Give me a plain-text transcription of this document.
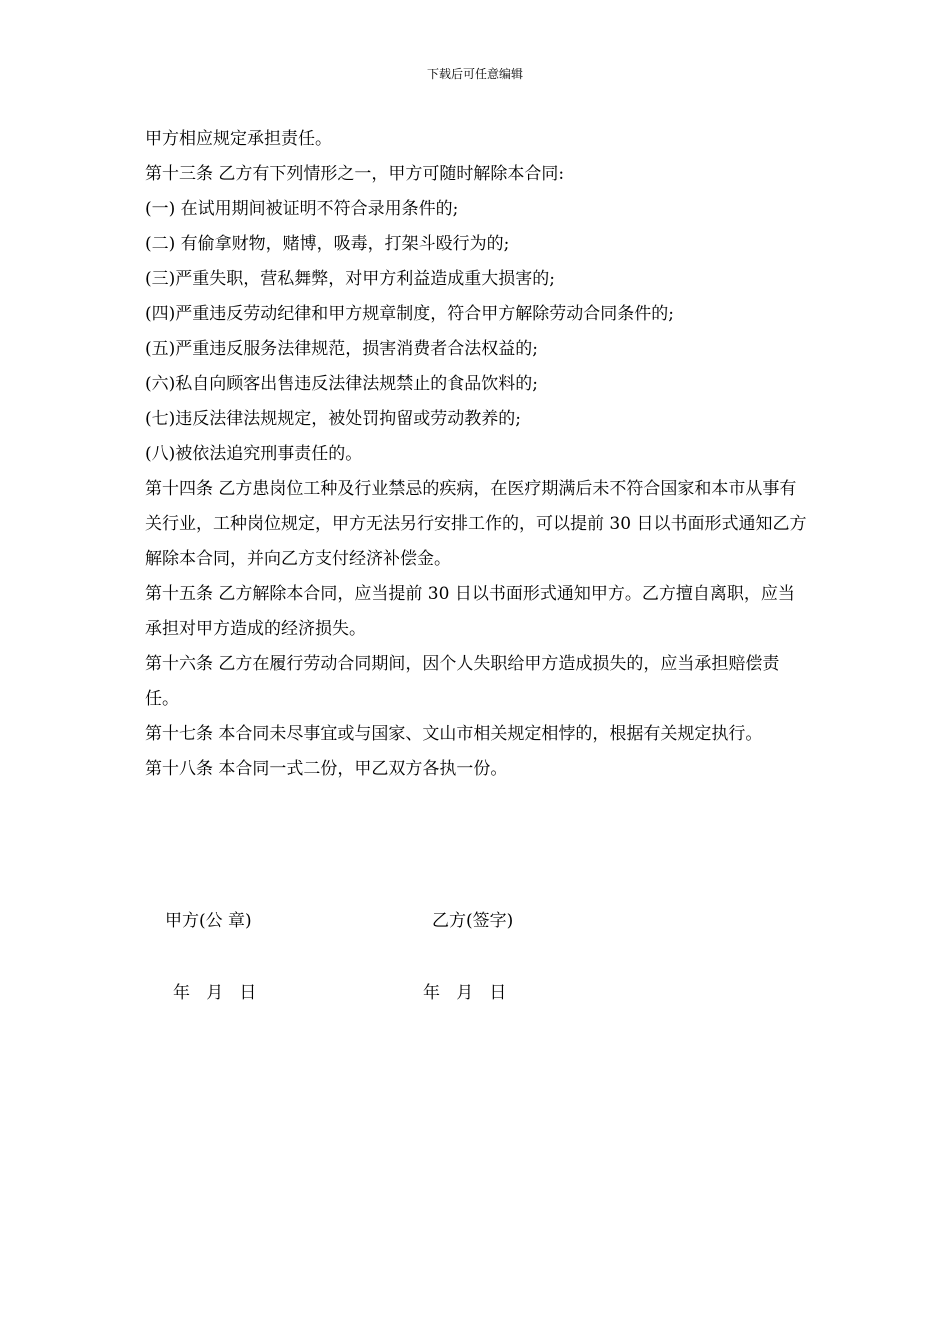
下载后可任意编辑

甲方相应规定承担责任。

第十三条 乙方有下列情形之一，甲方可随时解除本合同:

(一) 在试用期间被证明不符合录用条件的;

(二) 有偷拿财物，赌博，吸毒，打架斗殴行为的;

(三)严重失职，营私舞弊，对甲方利益造成重大损害的;

(四)严重违反劳动纪律和甲方规章制度，符合甲方解除劳动合同条件的;

(五)严重违反服务法律规范，损害消费者合法权益的;

(六)私自向顾客出售违反法律法规禁止的食品饮料的;

(七)违反法律法规规定，被处罚拘留或劳动教养的;

(八)被依法追究刑事责任的。

第十四条 乙方患岗位工种及行业禁忌的疾病，在医疗期满后未不符合国家和本市从事有关行业，工种岗位规定，甲方无法另行安排工作的，可以提前 30 日以书面形式通知乙方解除本合同，并向乙方支付经济补偿金。

第十五条 乙方解除本合同，应当提前 30 日以书面形式通知甲方。乙方擅自离职，应当承担对甲方造成的经济损失。

第十六条 乙方在履行劳动合同期间，因个人失职给甲方造成损失的，应当承担赔偿责任。

第十七条 本合同未尽事宜或与国家、文山市相关规定相悖的，根据有关规定执行。

第十八条 本合同一式二份，甲乙双方各执一份。

甲方(公 章)	乙方(签字)
年   月   日	年   月   日
